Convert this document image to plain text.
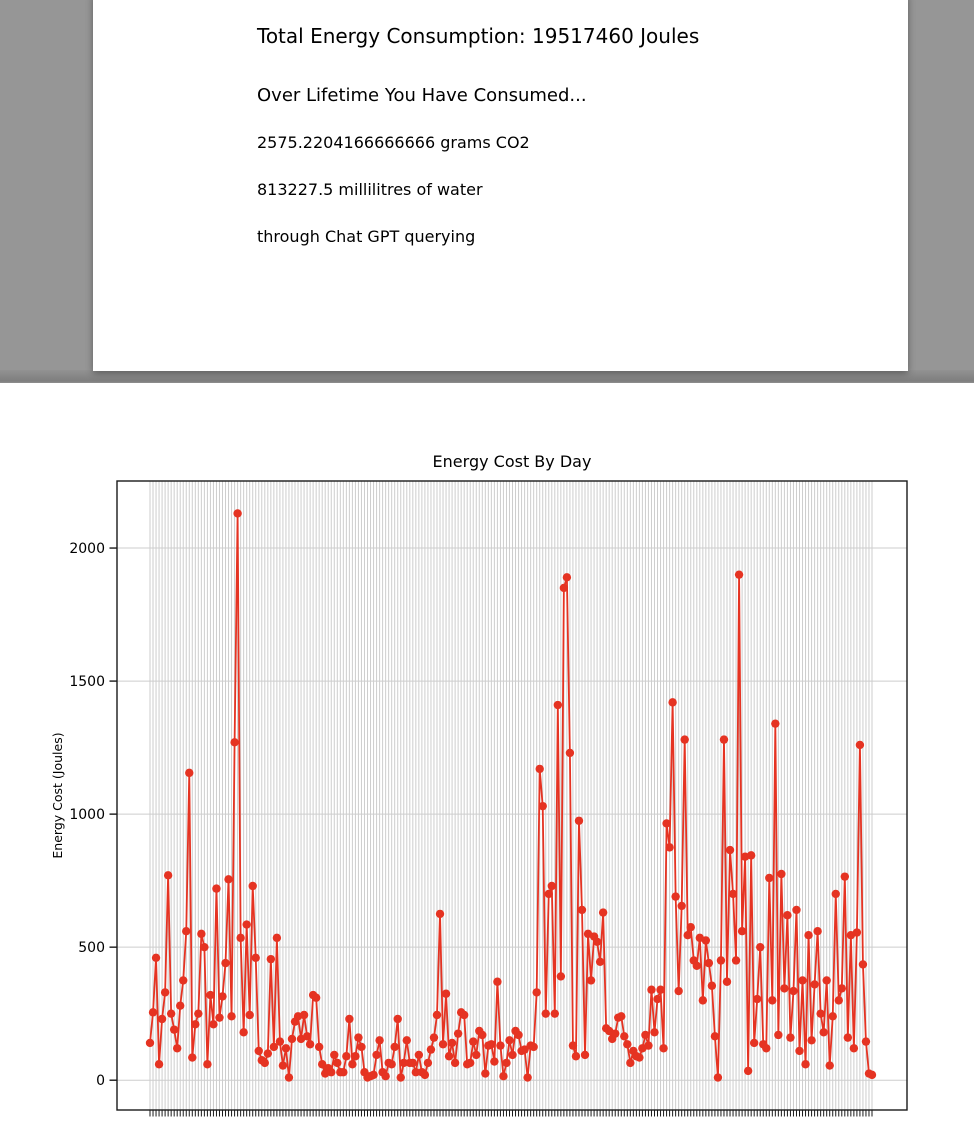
Total Energy Consumption: 19517460 Joules
Over Lifetime You Have Consumed...
2575.2204166666666 grams CO2
813227.5 millilitres of water
through Chat GPT querying
0
500
1000
1500
2000
Energy Cost By Day
Energy Cost (Joules)
